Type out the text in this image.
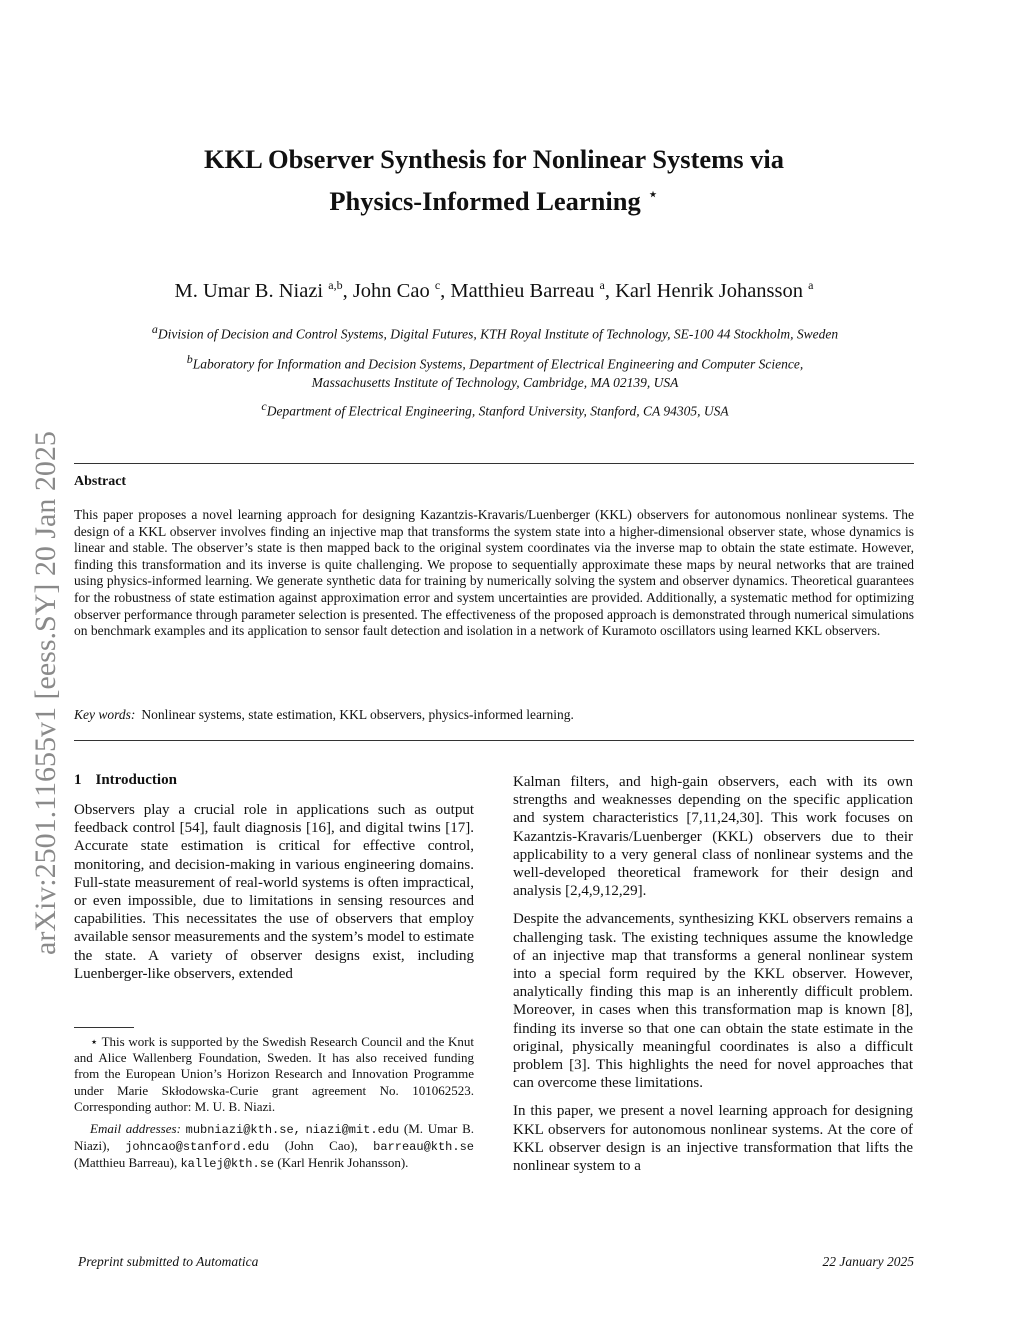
arXiv:2501.11655v1 [eess.SY] 20 Jan 2025
KKL Observer Synthesis for Nonlinear Systems via
Physics-Informed Learning ⋆
M. Umar B. Niazi $^{a,b}$, John Cao $^c$, Matthieu Barreau $^a$, Karl Henrik Johansson $^a$
$^a$Division of Decision and Control Systems, Digital Futures, KTH Royal Institute of Technology, SE-100 44 Stockholm, Sweden
$^b$Laboratory for Information and Decision Systems, Department of Electrical Engineering and Computer Science,
Massachusetts Institute of Technology, Cambridge, MA 02139, USA
$^c$Department of Electrical Engineering, Stanford University, Stanford, CA 94305, USA
Abstract
This paper proposes a novel learning approach for designing Kazantzis-Kravaris/Luenberger (KKL) observers for autonomous nonlinear systems. The design of a KKL observer involves finding an injective map that transforms the system state into a higher-dimensional observer state, whose dynamics is linear and stable. The observer’s state is then mapped back to the original system coordinates via the inverse map to obtain the state estimate. However, finding this transformation and its inverse is quite challenging. We propose to sequentially approximate these maps by neural networks that are trained using physics-informed learning. We generate synthetic data for training by numerically solving the system and observer dynamics. Theoretical guarantees for the robustness of state estimation against approximation error and system uncertainties are provided. Additionally, a systematic method for optimizing observer performance through parameter selection is presented. The effectiveness of the proposed approach is demonstrated through numerical simulations on benchmark examples and its application to sensor fault detection and isolation in a network of Kuramoto oscillators using learned KKL observers.
Key words: Nonlinear systems, state estimation, KKL observers, physics-informed learning.
1 Introduction

Observers play a crucial role in applications such as output feedback control [54], fault diagnosis [16], and digital twins [17]. Accurate state estimation is critical for effective control, monitoring, and decision-making in various engineering domains. Full-state measurement of real-world systems is often impractical, or even impossible, due to limitations in sensing resources and capabilities. This necessitates the use of observers that employ available sensor measurements and the system’s model to estimate the state. A variety of observer designs exist, including Luenberger-like observers, extended

Kalman filters, and high-gain observers, each with its own strengths and weaknesses depending on the specific application and system characteristics [7,11,24,30]. This work focuses on Kazantzis-Kravaris/Luenberger (KKL) observers due to their applicability to a very general class of nonlinear systems and the well-developed theoretical framework for their design and analysis [2,4,9,12,29].

Despite the advancements, synthesizing KKL observers remains a challenging task. The existing techniques assume the knowledge of an injective map that transforms a general nonlinear system into a special form required by the KKL observer. However, analytically finding this map is an inherently difficult problem. Moreover, in cases when this transformation map is known [8], finding its inverse so that one can obtain the state estimate in the original, physically meaningful coordinates is also a difficult problem [3]. This highlights the need for novel approaches that can overcome these limitations.

In this paper, we present a novel learning approach for designing KKL observers for autonomous nonlinear systems. At the core of KKL observer design is an injective transformation that lifts the nonlinear system to a

⋆ This work is supported by the Swedish Research Council and the Knut and Alice Wallenberg Foundation, Sweden. It has also received funding from the European Union’s Horizon Research and Innovation Programme under Marie Skłodowska-Curie grant agreement No. 101062523. Corresponding author: M. U. B. Niazi.

Email addresses: mubniazi@kth.se, niazi@mit.edu (M. Umar B. Niazi), johncao@stanford.edu (John Cao), barreau@kth.se (Matthieu Barreau), kallej@kth.se (Karl Henrik Johansson).

Preprint submitted to Automatica	22 January 2025
